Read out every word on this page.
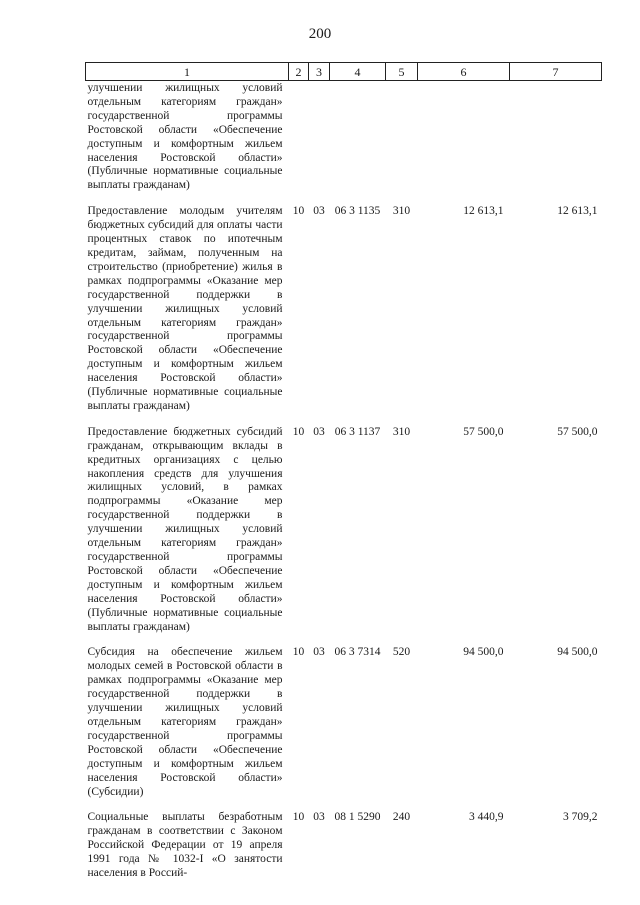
200
1	2	3	4	5	6	7
улучшении жилищных условий отдельным категориям граждан» государственной программы Ростовской области «Обеспечение доступным и комфортным жильем населения Ростовской области» (Публичные нормативные социальные выплаты гражданам)						
Предоставление молодым учителям бюджетных субсидий для оплаты части процентных ставок по ипотечным кредитам, займам, полученным на строительство (приобретение) жилья в рамках подпрограммы «Оказание мер государственной поддержки в улучшении жилищных условий отдельным категориям граждан» государственной программы Ростовской области «Обеспечение доступным и комфортным жильем населения Ростовской области» (Публичные нормативные социальные выплаты гражданам)	10	03	06 3 1135	310	12 613,1	12 613,1
Предоставление бюджетных субсидий гражданам, открывающим вклады в кредитных организациях с целью накопления средств для улучшения жилищных условий, в рамках подпрограммы «Оказание мер государственной поддержки в улучшении жилищных условий отдельным категориям граждан» государственной программы Ростовской области «Обеспечение доступным и комфортным жильем населения Ростовской области» (Публичные нормативные социальные выплаты гражданам)	10	03	06 3 1137	310	57 500,0	57 500,0
Субсидия на обеспечение жильем молодых семей в Ростовской области в рамках подпрограммы «Оказание мер государственной поддержки в улучшении жилищных условий отдельным категориям граждан» государственной программы Ростовской области «Обеспечение доступным и комфортным жильем населения Ростовской области» (Субсидии)	10	03	06 3 7314	520	94 500,0	94 500,0
Социальные выплаты безработным гражданам в соответствии с Законом Российской Федерации от 19 апреля 1991 года № 1032-I «О занятости населения в Россий-	10	03	08 1 5290	240	3 440,9	3 709,2
